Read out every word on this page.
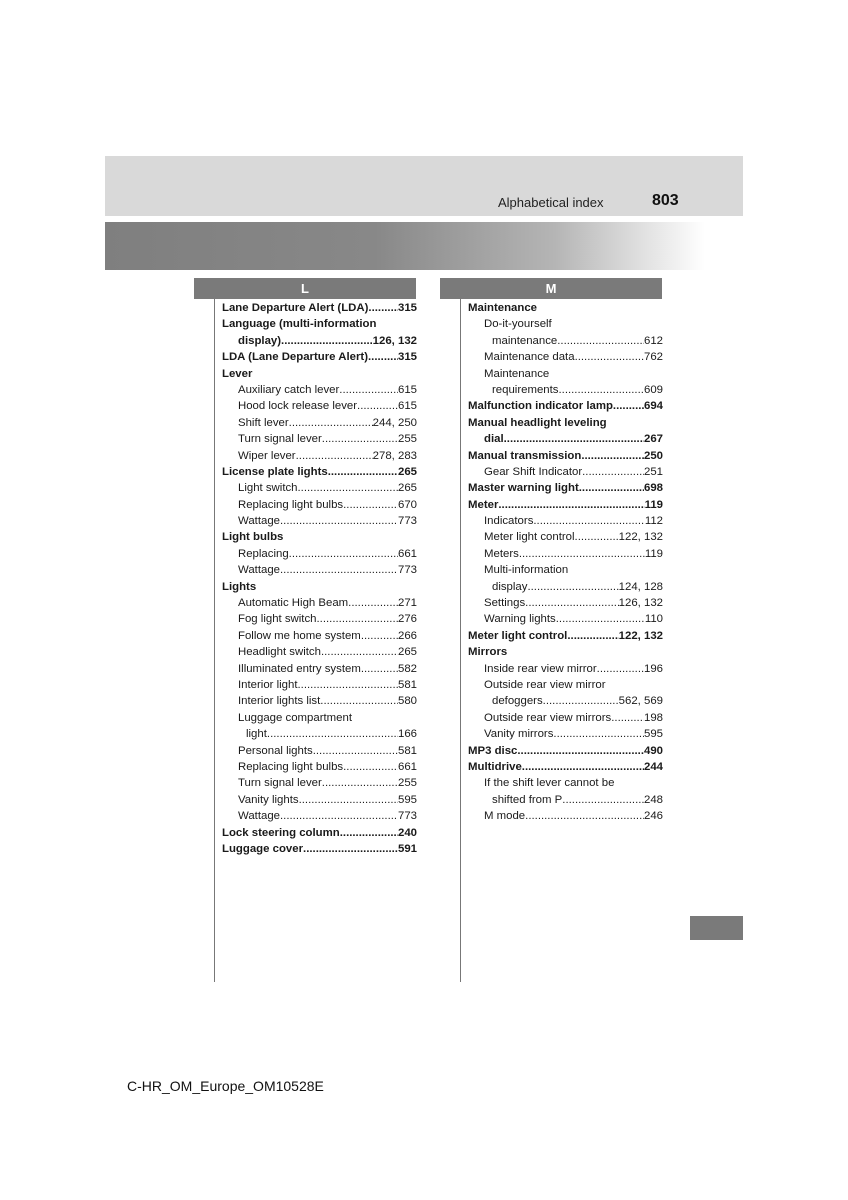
Alphabetical index	803
L	M
Lane Departure Alert (LDA) .....	315
Language (multi-information
display) .....	126, 132
LDA (Lane Departure Alert) .....	315
Lever
Auxiliary catch lever .....	615
Hood lock release lever .....	615
Shift lever .....	244, 250
Turn signal lever .....	255
Wiper lever .....	278, 283
License plate lights .....	265
Light switch .....	265
Replacing light bulbs .....	670
Wattage .....	773
Light bulbs
Replacing .....	661
Wattage .....	773
Lights
Automatic High Beam .....	271
Fog light switch .....	276
Follow me home system .....	266
Headlight switch .....	265
Illuminated entry system .....	582
Interior light .....	581
Interior lights list .....	580
Luggage compartment
light .....	166
Personal lights .....	581
Replacing light bulbs .....	661
Turn signal lever .....	255
Vanity lights .....	595
Wattage .....	773
Lock steering column .....	240
Luggage cover .....	591
Maintenance
Do-it-yourself
maintenance .....	612
Maintenance data .....	762
Maintenance
requirements .....	609
Malfunction indicator lamp .....	694
Manual headlight leveling
dial .....	267
Manual transmission .....	250
Gear Shift Indicator .....	251
Master warning light .....	698
Meter .....	119
Indicators .....	112
Meter light control .....	122, 132
Meters .....	119
Multi-information
display .....	124, 128
Settings .....	126, 132
Warning lights .....	110
Meter light control .....	122, 132
Mirrors
Inside rear view mirror .....	196
Outside rear view mirror
defoggers .....	562, 569
Outside rear view mirrors .....	198
Vanity mirrors .....	595
MP3 disc .....	490
Multidrive .....	244
If the shift lever cannot be
shifted from P .....	248
M mode .....	246
C-HR_OM_Europe_OM10528E
